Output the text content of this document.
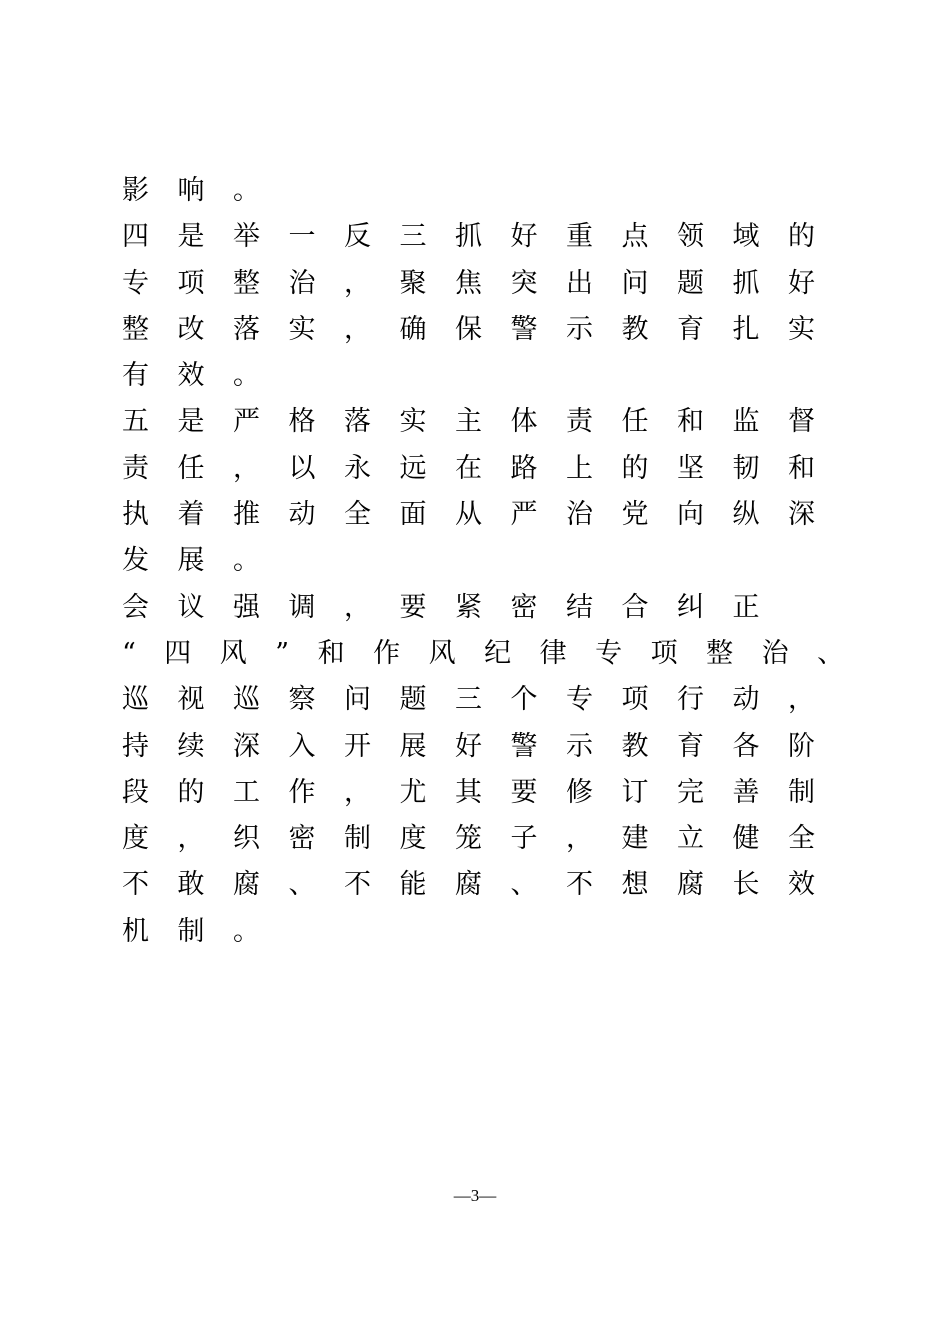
影响。
四是举一反三抓好重点领域的
专项整治，聚焦突出问题抓好
整改落实，确保警示教育扎实
有效。
五是严格落实主体责任和监督
责任，以永远在路上的坚韧和
执着推动全面从严治党向纵深
发展。
会议强调，要紧密结合纠正
“四风”和作风纪律专项整治、
巡视巡察问题三个专项行动，
持续深入开展好警示教育各阶
段的工作，尤其要修订完善制
度，织密制度笼子，建立健全
不敢腐、不能腐、不想腐长效
机制。
—3—
